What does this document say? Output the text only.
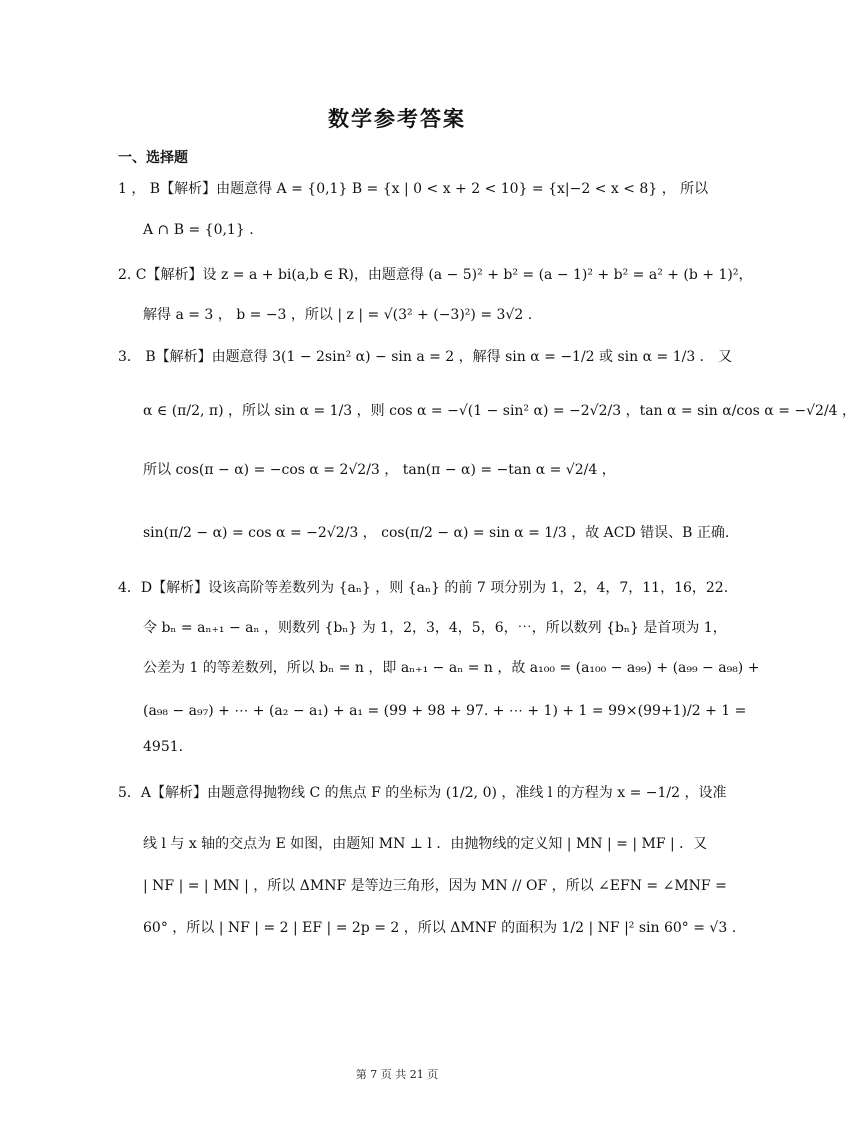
数学参考答案
一、选择题
1 ， B【解析】由题意得 A = {0,1} B = {x | 0 < x + 2 < 10} = {x|−2 < x < 8} ， 所以
A ∩ B = {0,1} .
2. C【解析】设 z = a + bi(a,b ∈ R)，由题意得 (a − 5)² + b² = (a − 1)² + b² = a² + (b + 1)²，
解得 a = 3 ， b = −3 ，所以 | z | = √(3² + (−3)²) = 3√2 .
3． B【解析】由题意得 3(1 − 2sin² α) − sin a = 2 ，解得 sin α = −1/2 或 sin α = 1/3 ． 又
α ∈ (π/2, π) ，所以 sin α = 1/3 ，则 cos α = −√(1 − sin² α) = −2√2/3 ，tan α = sin α/cos α = −√2/4 ，
所以 cos(π − α) = −cos α = 2√2/3 ， tan(π − α) = −tan α = √2/4 ，
sin(π/2 − α) = cos α = −2√2/3 ， cos(π/2 − α) = sin α = 1/3 ，故 ACD 错误、B 正确.
4．D【解析】设该高阶等差数列为 {aₙ} ，则 {aₙ} 的前 7 项分别为 1，2，4，7，11，16，22.
令 bₙ = aₙ₊₁ − aₙ ，则数列 {bₙ} 为 1，2，3，4，5，6，⋯，所以数列 {bₙ} 是首项为 1，
公差为 1 的等差数列，所以 bₙ = n ，即 aₙ₊₁ − aₙ = n ，故 a₁₀₀ = (a₁₀₀ − a₉₉) + (a₉₉ − a₉₈) +
(a₉₈ − a₉₇) + ⋯ + (a₂ − a₁) + a₁ = (99 + 98 + 97. + ⋯ + 1) + 1 = 99×(99+1)/2 + 1 =
4951.
5．A【解析】由题意得抛物线 C 的焦点 F 的坐标为 (1/2, 0) ，准线 l 的方程为 x = −1/2 ，设准
线 l 与 x 轴的交点为 E 如图，由题知 MN ⊥ l ．由抛物线的定义知 | MN | = | MF | ．又
| NF | = | MN | ，所以 ΔMNF 是等边三角形，因为 MN // OF ，所以 ∠EFN = ∠MNF =
60° ，所以 | NF | = 2 | EF | = 2p = 2 ，所以 ΔMNF 的面积为 1/2 | NF |² sin 60° = √3 .
第 7 页 共 21 页
